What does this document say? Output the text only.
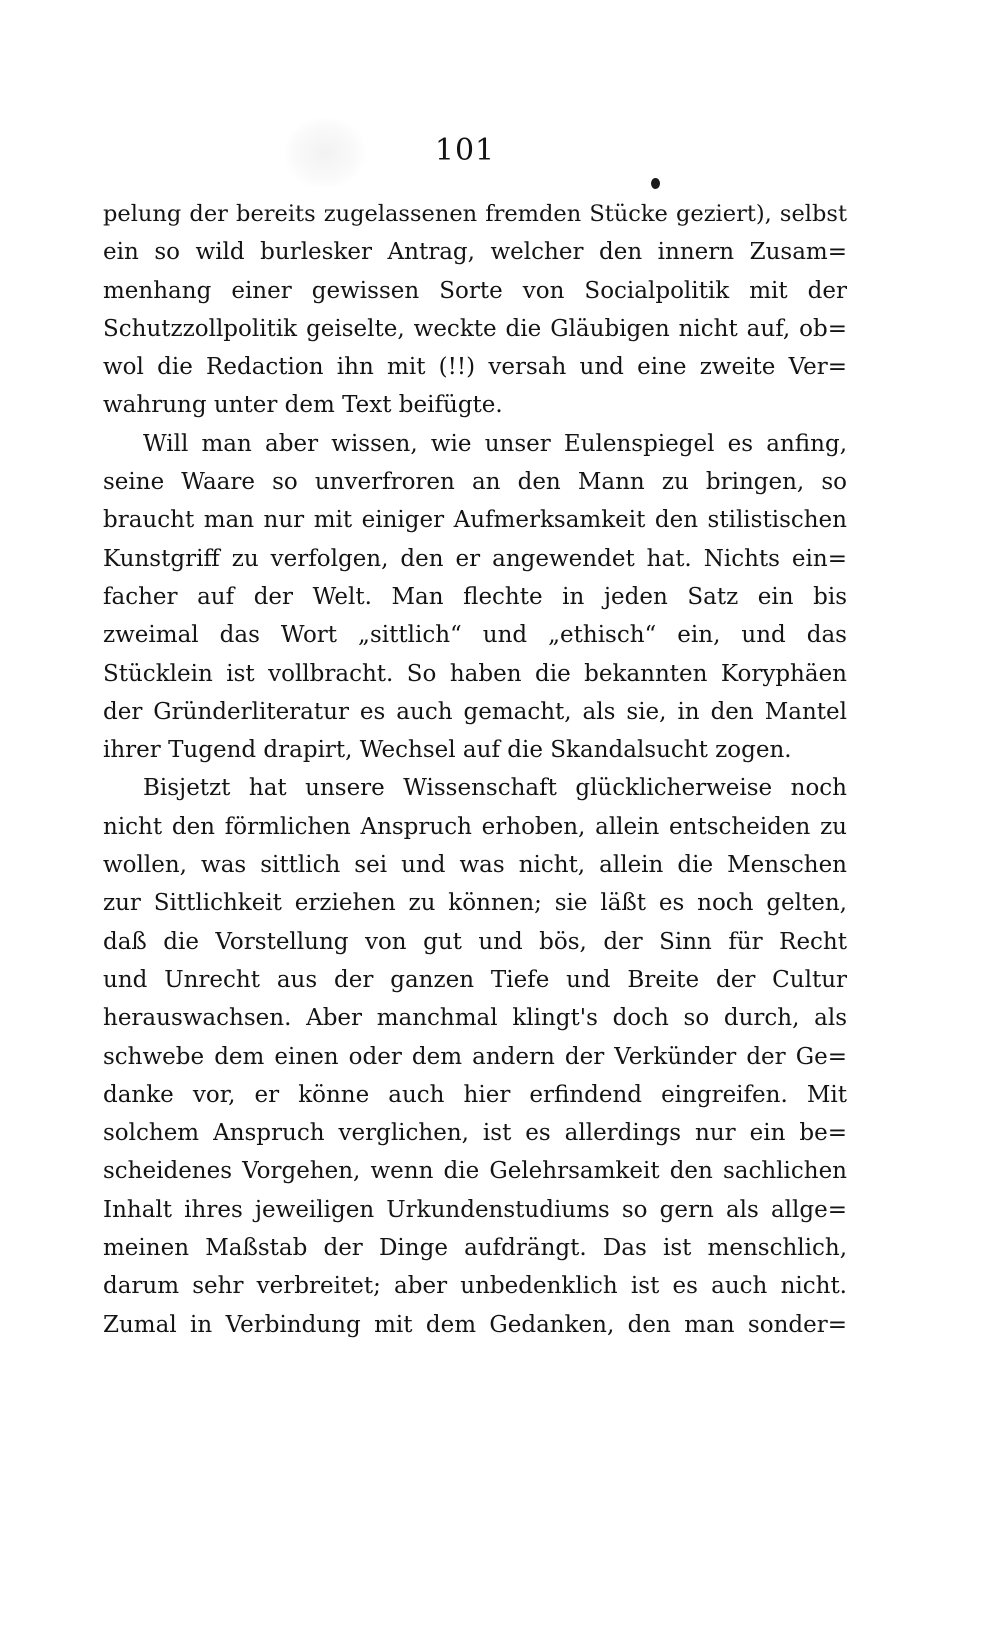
101
pelung der bereits zugelassenen fremden Stücke geziert), selbst
ein so wild burlesker Antrag, welcher den innern Zusam=
menhang einer gewissen Sorte von Socialpolitik mit der
Schutzzollpolitik geiselte, weckte die Gläubigen nicht auf, ob=
wol die Redaction ihn mit (!!) versah und eine zweite Ver=
wahrung unter dem Text beifügte.
Will man aber wissen, wie unser Eulenspiegel es anfing,
seine Waare so unverfroren an den Mann zu bringen, so
braucht man nur mit einiger Aufmerksamkeit den stilistischen
Kunstgriff zu verfolgen, den er angewendet hat. Nichts ein=
facher auf der Welt. Man flechte in jeden Satz ein bis
zweimal das Wort „sittlich“ und „ethisch“ ein, und das
Stücklein ist vollbracht. So haben die bekannten Koryphäen
der Gründerliteratur es auch gemacht, als sie, in den Mantel
ihrer Tugend drapirt, Wechsel auf die Skandalsucht zogen.
Bisjetzt hat unsere Wissenschaft glücklicherweise noch
nicht den förmlichen Anspruch erhoben, allein entscheiden zu
wollen, was sittlich sei und was nicht, allein die Menschen
zur Sittlichkeit erziehen zu können; sie läßt es noch gelten,
daß die Vorstellung von gut und bös, der Sinn für Recht
und Unrecht aus der ganzen Tiefe und Breite der Cultur
herauswachsen. Aber manchmal klingt's doch so durch, als
schwebe dem einen oder dem andern der Verkünder der Ge=
danke vor, er könne auch hier erfindend eingreifen. Mit
solchem Anspruch verglichen, ist es allerdings nur ein be=
scheidenes Vorgehen, wenn die Gelehrsamkeit den sachlichen
Inhalt ihres jeweiligen Urkundenstudiums so gern als allge=
meinen Maßstab der Dinge aufdrängt. Das ist menschlich,
darum sehr verbreitet; aber unbedenklich ist es auch nicht.
Zumal in Verbindung mit dem Gedanken, den man sonder=
